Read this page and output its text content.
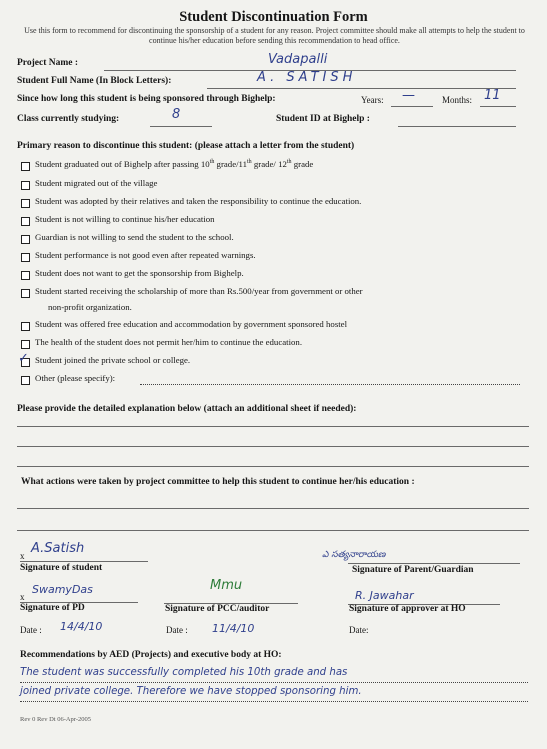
Student Discontinuation Form
Use this form to recommend for discontinuing the sponsorship of a student for any reason. Project committee should make all attempts to help the student to continue his/her education before sending this recommendation to head office.
Project Name :	Vadapalli
Student Full Name (In Block Letters):	A. SATISH
Since how long this student is being sponsored through Bighelp:	Years: —	Months: 11
Class currently studying:	8	Student ID at Bighelp :
Primary reason to discontinue this student: (please attach a letter from the student)
Student graduated out of Bighelp after passing 10th grade/11th grade/ 12th grade
Student migrated out of the village
Student was adopted by their relatives and taken the responsibility to continue the education.
Student is not willing to continue his/her education
Guardian is not willing to send the student to the school.
Student performance is not good even after repeated warnings.
Student does not want to get the sponsorship from Bighelp.
Student started receiving the scholarship of more than Rs.500/year from government or other
non-profit organization.
Student was offered free education and accommodation by government sponsored hostel
The health of the student does not permit her/him to continue the education.
✓ Student joined the private school or college.
Other (please specify):
Please provide the detailed explanation below (attach an additional sheet if needed):
What actions were taken by project committee to help this student to continue her/his education :
x A.Satish
Signature of student
ఎ సత్యనారాయణ
Signature of Parent/Guardian
x
SwamyDas
Signature of PD
Date : 14/4/10
Mmu
Signature of PCC/auditor
Date : 11/4/10
R. Jawahar
Signature of approver at HO
Date:
Recommendations by AED (Projects) and executive body at HO:
The student was successfully completed his 10th grade and has
joined private college. Therefore we have stopped sponsoring him.
Rev 0 Rev Dt 06-Apr-2005
